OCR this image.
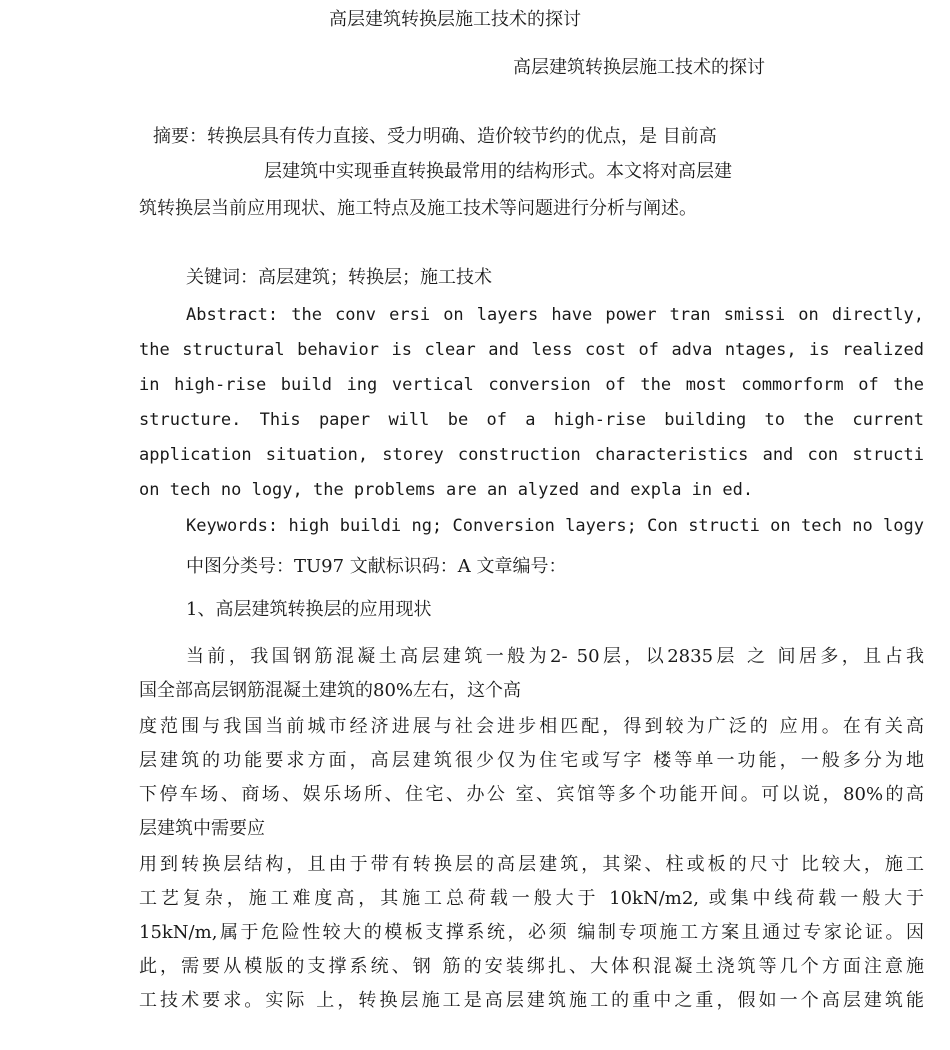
高层建筑转换层施工技术的探讨
高层建筑转换层施工技术的探讨
摘要：转换层具有传力直接、受力明确、造价较节约的优点，是 目前高
层建筑中实现垂直转换最常用的结构形式。本文将对高层建
筑转换层当前应用现状、施工特点及施工技术等问题进行分析与阐述。
关键词：高层建筑；转换层；施工技术
Abstract: the conv ersi on layers have power tran smissi on directly,
the structural behavior is clear and less cost of adva ntages, is realized
in high-rise build ing vertical conversion of the most commorform of the
structure. This paper will be of a high-rise building to the current
application situation, storey construction characteristics and con structi
on tech no logy, the problems are an alyzed and expla in ed.
Keywords: high buildi ng; Conversion layers; Con structi on tech no logy
中图分类号：TU97 文献标识码：A 文章编号：
1、高层建筑转换层的应用现状
当前，我国钢筋混凝土高层建筑一般为2- 50层，以2835层 之 间居多，且占我
国全部高层钢筋混凝土建筑的80%左右，这个高
度范围与我国当前城市经济进展与社会进步相匹配，得到较为广泛的 应用。在有关高
层建筑的功能要求方面，高层建筑很少仅为住宅或写字 楼等单一功能，一般多分为地
下停车场、商场、娱乐场所、住宅、办公 室、宾馆等多个功能开间。可以说，80%的高
层建筑中需要应
用到转换层结构，且由于带有转换层的高层建筑，其梁、柱或板的尺寸 比较大，施工
工艺复杂，施工难度高，其施工总荷载一般大于 10kN/m2, 或集中线荷载一般大于
15kN/m,属于危险性较大的模板支撑系统，必须 编制专项施工方案且通过专家论证。因
此，需要从模版的支撑系统、钢 筋的安装绑扎、大体积混凝土浇筑等几个方面注意施
工技术要求。实际 上，转换层施工是高层建筑施工的重中之重，假如一个高层建筑能
